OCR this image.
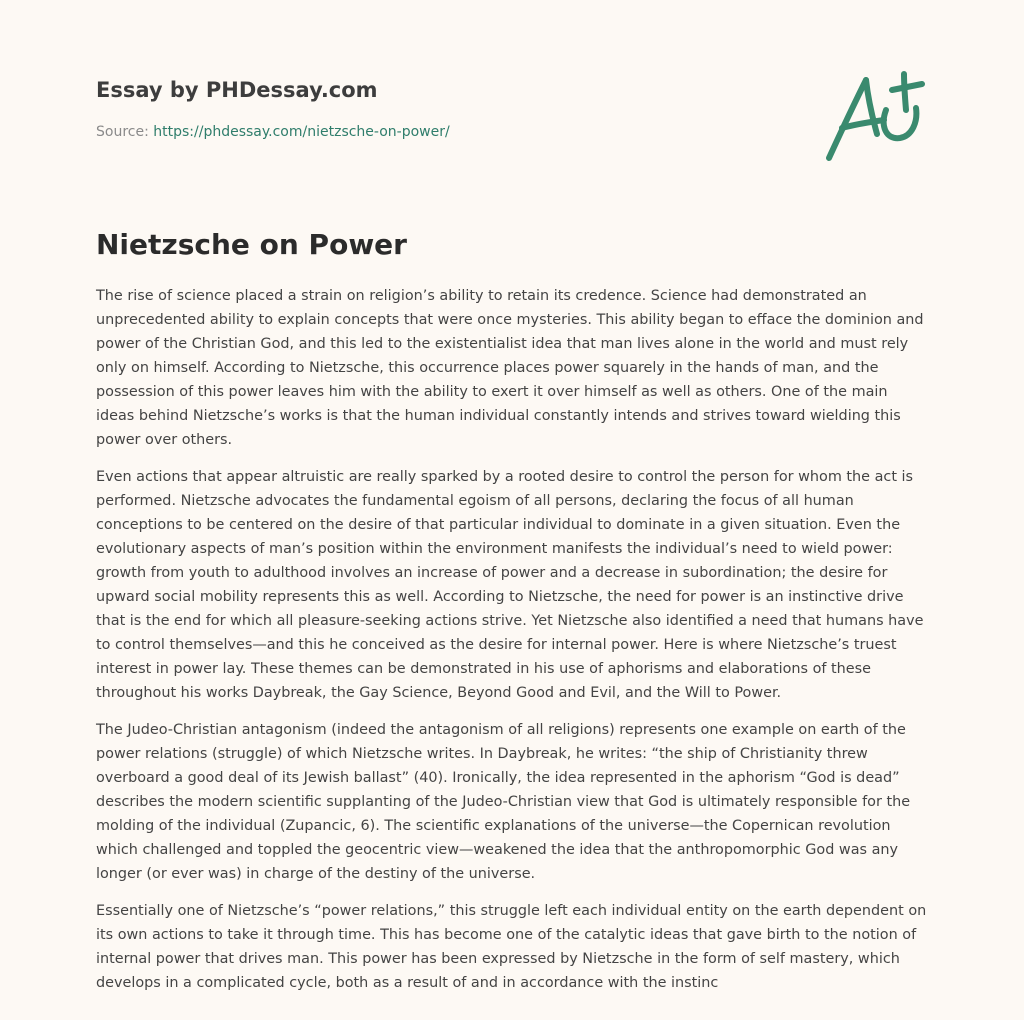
Essay by PHDessay.com
Source: https://phdessay.com/nietzsche-on-power/
Nietzsche on Power

The rise of science placed a strain on religion’s ability to retain its credence. Science had demonstrated an unprecedented ability to explain concepts that were once mysteries. This ability began to efface the dominion and power of the Christian God, and this led to the existentialist idea that man lives alone in the world and must rely only on himself. According to Nietzsche, this occurrence places power squarely in the hands of man, and the possession of this power leaves him with the ability to exert it over himself as well as others. One of the main ideas behind Nietzsche’s works is that the human individual constantly intends and strives toward wielding this power over others.

Even actions that appear altruistic are really sparked by a rooted desire to control the person for whom the act is performed. Nietzsche advocates the fundamental egoism of all persons, declaring the focus of all human conceptions to be centered on the desire of that particular individual to dominate in a given situation. Even the evolutionary aspects of man’s position within the environment manifests the individual’s need to wield power: growth from youth to adulthood involves an increase of power and a decrease in subordination; the desire for upward social mobility represents this as well. According to Nietzsche, the need for power is an instinctive drive that is the end for which all pleasure-seeking actions strive. Yet Nietzsche also identified a need that humans have to control themselves—and this he conceived as the desire for internal power. Here is where Nietzsche’s truest interest in power lay. These themes can be demonstrated in his use of aphorisms and elaborations of these throughout his works Daybreak, the Gay Science, Beyond Good and Evil, and the Will to Power.

The Judeo-Christian antagonism (indeed the antagonism of all religions) represents one example on earth of the power relations (struggle) of which Nietzsche writes. In Daybreak, he writes: “the ship of Christianity threw overboard a good deal of its Jewish ballast” (40). Ironically, the idea represented in the aphorism “God is dead” describes the modern scientific supplanting of the Judeo-Christian view that God is ultimately responsible for the molding of the individual (Zupancic, 6). The scientific explanations of the universe—the Copernican revolution which challenged and toppled the geocentric view—weakened the idea that the anthropomorphic God was any longer (or ever was) in charge of the destiny of the universe.

Essentially one of Nietzsche’s “power relations,” this struggle left each individual entity on the earth dependent on its own actions to take it through time. This has become one of the catalytic ideas that gave birth to the notion of internal power that drives man. This power has been expressed by Nietzsche in the form of self mastery, which develops in a complicated cycle, both as a result of and in accordance with the instinc
